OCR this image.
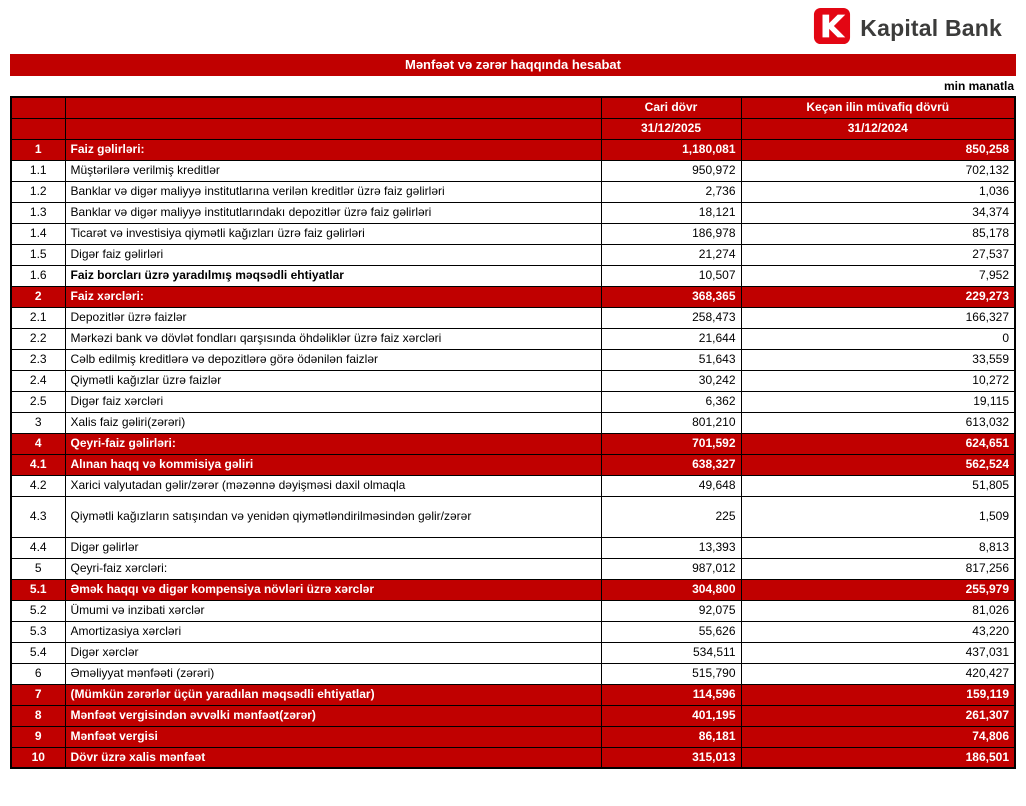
Kapital Bank
Mənfəət və zərər haqqında hesabat
min manatla
		Cari dövr	Keçən ilin müvafiq dövrü
		31/12/2025	31/12/2024
1	Faiz gəlirləri:	1,180,081	850,258
1.1	Müştərilərə verilmiş kreditlər	950,972	702,132
1.2	Banklar və digər maliyyə institutlarına verilən kreditlər üzrə faiz gəlirləri	2,736	1,036
1.3	Banklar və digər maliyyə institutlarındakı depozitlər üzrə faiz gəlirləri	18,121	34,374
1.4	Ticarət və investisiya qiymətli kağızları üzrə faiz gəlirləri	186,978	85,178
1.5	Digər faiz gəlirləri	21,274	27,537
1.6	Faiz borcları üzrə yaradılmış məqsədli ehtiyatlar	10,507	7,952
2	Faiz xərcləri:	368,365	229,273
2.1	Depozitlər üzrə faizlər	258,473	166,327
2.2	Mərkəzi bank və dövlət fondları qarşısında öhdəliklər üzrə faiz xərcləri	21,644	0
2.3	Cəlb edilmiş kreditlərə və depozitlərə görə ödənilən faizlər	51,643	33,559
2.4	Qiymətli kağızlar üzrə faizlər	30,242	10,272
2.5	Digər faiz xərcləri	6,362	19,115
3	Xalis faiz gəliri(zərəri)	801,210	613,032
4	Qeyri-faiz gəlirləri:	701,592	624,651
4.1	Alınan haqq və kommisiya gəliri	638,327	562,524
4.2	Xarici valyutadan gəlir/zərər (məzənnə dəyişməsi daxil olmaqla	49,648	51,805
4.3	Qiymətli kağızların satışından və yenidən qiymətləndirilməsindən gəlir/zərər	225	1,509
4.4	Digər gəlirlər	13,393	8,813
5	Qeyri-faiz xərcləri:	987,012	817,256
5.1	Əmək haqqı və digər kompensiya növləri üzrə xərclər	304,800	255,979
5.2	Ümumi və inzibati xərclər	92,075	81,026
5.3	Amortizasiya xərcləri	55,626	43,220
5.4	Digər xərclər	534,511	437,031
6	Əməliyyat mənfəəti (zərəri)	515,790	420,427
7	(Mümkün zərərlər üçün yaradılan məqsədli ehtiyatlar)	114,596	159,119
8	Mənfəət vergisindən əvvəlki mənfəət(zərər)	401,195	261,307
9	Mənfəət vergisi	86,181	74,806
10	Dövr üzrə xalis mənfəət	315,013	186,501
